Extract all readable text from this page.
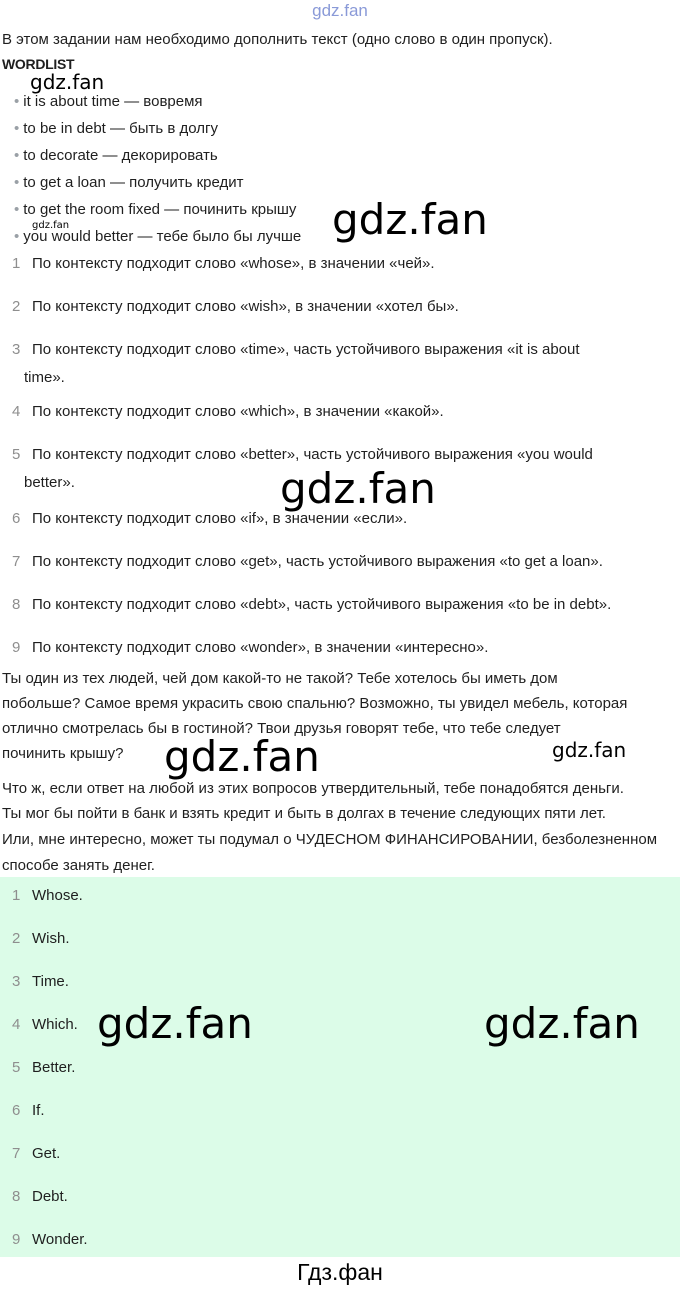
gdz.fan
В этом задании нам необходимо дополнить текст (одно слово в один пропуск).
WORDLIST
gdz.fan
• it is about time — вовремя
• to be in debt — быть в долгу
• to decorate — декорировать
• to get a loan — получить кредит
• to get the room fixed — починить крышу
• you would better — тебе было бы лучше
gdz.fan	gdz.fan
1 По контексту подходит слово «whose», в значении «чей».
2 По контексту подходит слово «wish», в значении «хотел бы».
3 По контексту подходит слово «time», часть устойчивого выражения «it is about
time».
4 По контексту подходит слово «which», в значении «какой».
5 По контексту подходит слово «better», часть устойчивого выражения «you would
better».	gdz.fan
6 По контексту подходит слово «if», в значении «если».
7 По контексту подходит слово «get», часть устойчивого выражения «to get a loan».
8 По контексту подходит слово «debt», часть устойчивого выражения «to be in debt».
9 По контексту подходит слово «wonder», в значении «интересно».
Ты один из тех людей, чей дом какой-то не такой? Тебе хотелось бы иметь дом
побольше? Самое время украсить свою спальню? Возможно, ты увидел мебель, которая
отлично смотрелась бы в гостиной? Твои друзья говорят тебе, что тебе следует
починить крышу? gdz.fan	gdz.fan
Что ж, если ответ на любой из этих вопросов утвердительный, тебе понадобятся деньги.
Ты мог бы пойти в банк и взять кредит и быть в долгах в течение следующих пяти лет.
Или, мне интересно, может ты подумал о ЧУДЕСНОМ ФИНАНСИРОВАНИИ, безболезненном
способе занять денег.
1 Whose.
2 Wish.
3 Time.
4 Which. gdz.fan	gdz.fan
5 Better.
6 If.
7 Get.
8 Debt.
9 Wonder.
Гдз.фан
